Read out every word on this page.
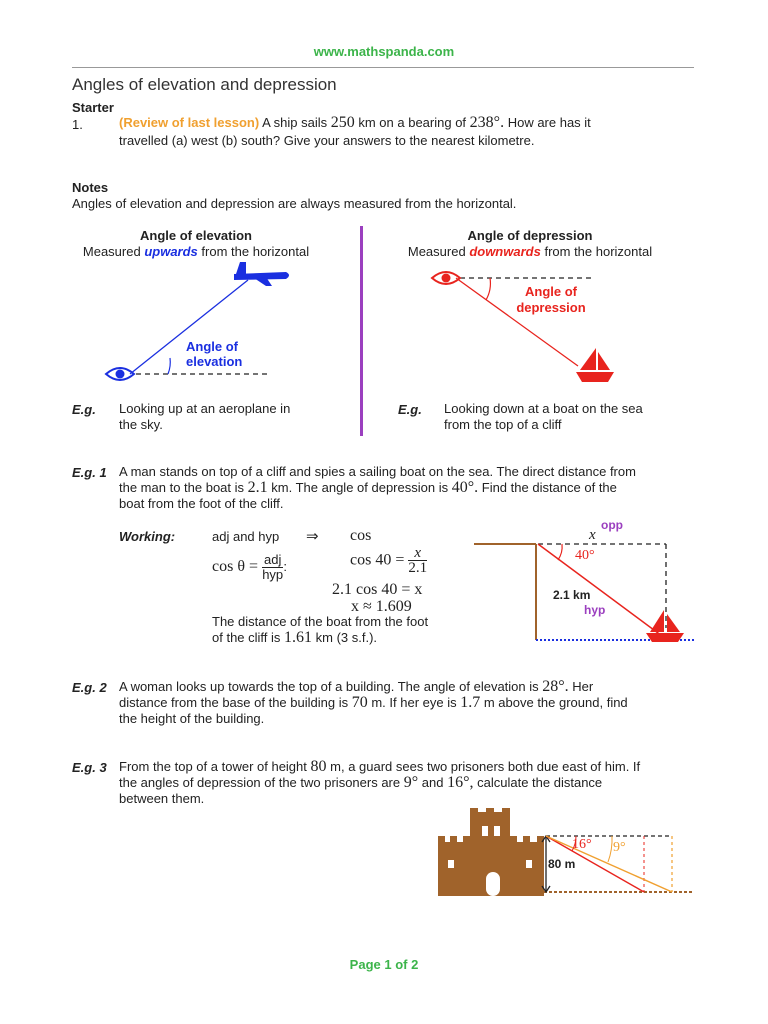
www.mathspanda.com
Angles of elevation and depression
Starter
1.	(Review of last lesson) A ship sails 250 km on a bearing of 238°. How are has it
travelled (a) west (b) south? Give your answers to the nearest kilometre.
Notes
Angles of elevation and depression are always measured from the horizontal.
Angle of elevation
Measured upwards from the horizontal
Angle of
elevation
E.g. Looking up at an aeroplane in
the sky.
Angle of depression
Measured downwards from the horizontal
Angle of
depression
E.g. Looking down at a boat on the sea
from the top of a cliff
E.g. 1 A man stands on top of a cliff and spies a sailing boat on the sea. The direct distance from
the man to the boat is 2.1 km. The angle of depression is 40°. Find the distance of the
boat from the foot of the cliff.
Working:	adj and hyp ⇒ cos
$\cos \theta = \frac{\text{adj}}{\text{hyp}}$ :	$\cos 40 = \frac{x}{2.1}$
2.1 cos 40 = x
x ≈ 1.609
The distance of the boat from the foot
of the cliff is 1.61 km (3 s.f.).
x
opp
40°
2.1 km
hyp
E.g. 2 A woman looks up towards the top of a building. The angle of elevation is 28°. Her
distance from the base of the building is 70 m. If her eye is 1.7 m above the ground, find
the height of the building.
E.g. 3 From the top of a tower of height 80 m, a guard sees two prisoners both due east of him. If
the angles of depression of the two prisoners are 9° and 16°, calculate the distance
between them.
80 m
16° 9°
Page 1 of 2
